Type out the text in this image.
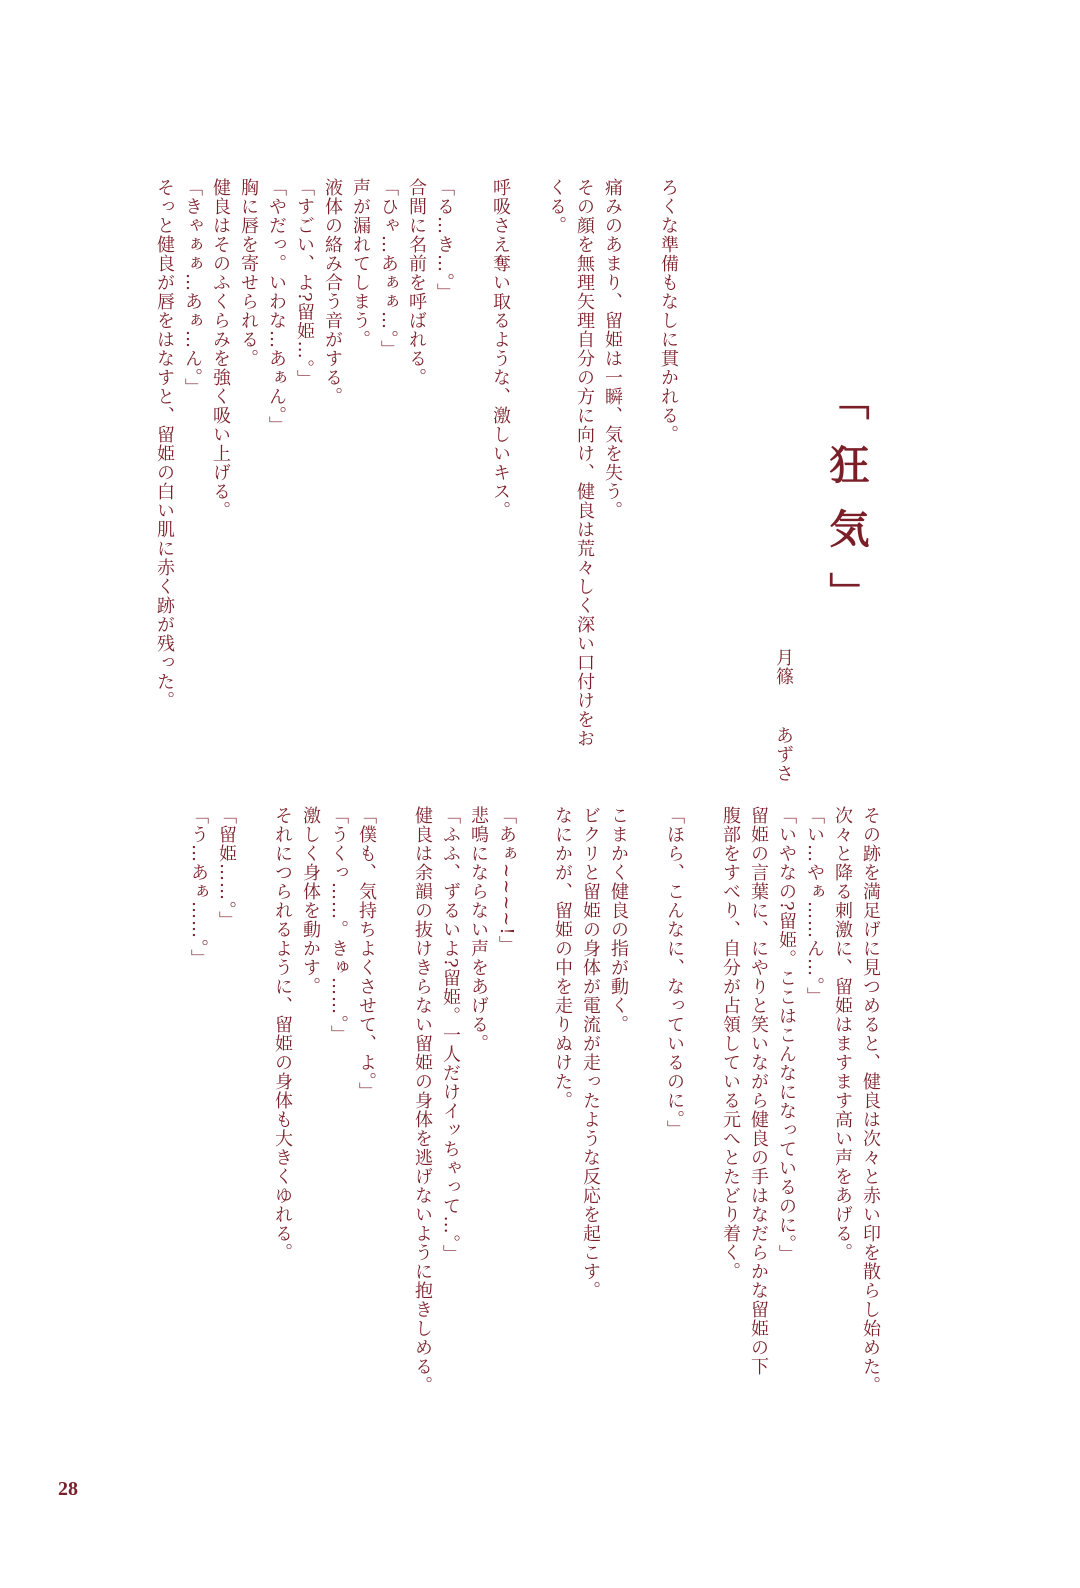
「狂気」
月篠あずさ
ろくな準備もなしに貫かれる。
痛みのあまり、留姫は一瞬、気を失う。
その顔を無理矢理自分の方に向け、健良は荒々しく深い口付けをお
くる。
呼吸さえ奪い取るような、激しいキス。
「る…き…。」
合間に名前を呼ばれる。
「ひゃ…あぁぁ…。」
声が漏れてしまう。
液体の絡み合う音がする。
「すごい、よ?留姫…。」
「やだっ。いわな…あぁん。」
胸に唇を寄せられる。
健良はそのふくらみを強く吸い上げる。
「きゃぁぁ…あぁ…ん。」
そっと健良が唇をはなすと、留姫の白い肌に赤く跡が残った。
その跡を満足げに見つめると、健良は次々と赤い印を散らし始めた。
次々と降る刺激に、留姫はますます高い声をあげる。
「い…やぁ……ん…。」
「いやなの?留姫。ここはこんなになっているのに。」
留姫の言葉に、にやりと笑いながら健良の手はなだらかな留姫の下
腹部をすべり、自分が占領している元へとたどり着く。
「ほら、こんなに、なっているのに。」
こまかく健良の指が動く。
ビクリと留姫の身体が電流が走ったような反応を起こす。
なにかが、留姫の中を走りぬけた。
「あぁ~~~~!」
悲鳴にならない声をあげる。
「ふふ、ずるいよ?留姫。一人だけイッちゃって…。」
健良は余韻の抜けきらない留姫の身体を逃げないように抱きしめる。
「僕も、気持ちよくさせて、よ。」
「うくっ……。きゅ……。」
激しく身体を動かす。
それにつられるように、留姫の身体も大きくゆれる。
「留姫……。」
「う…あぁ……。」
28
